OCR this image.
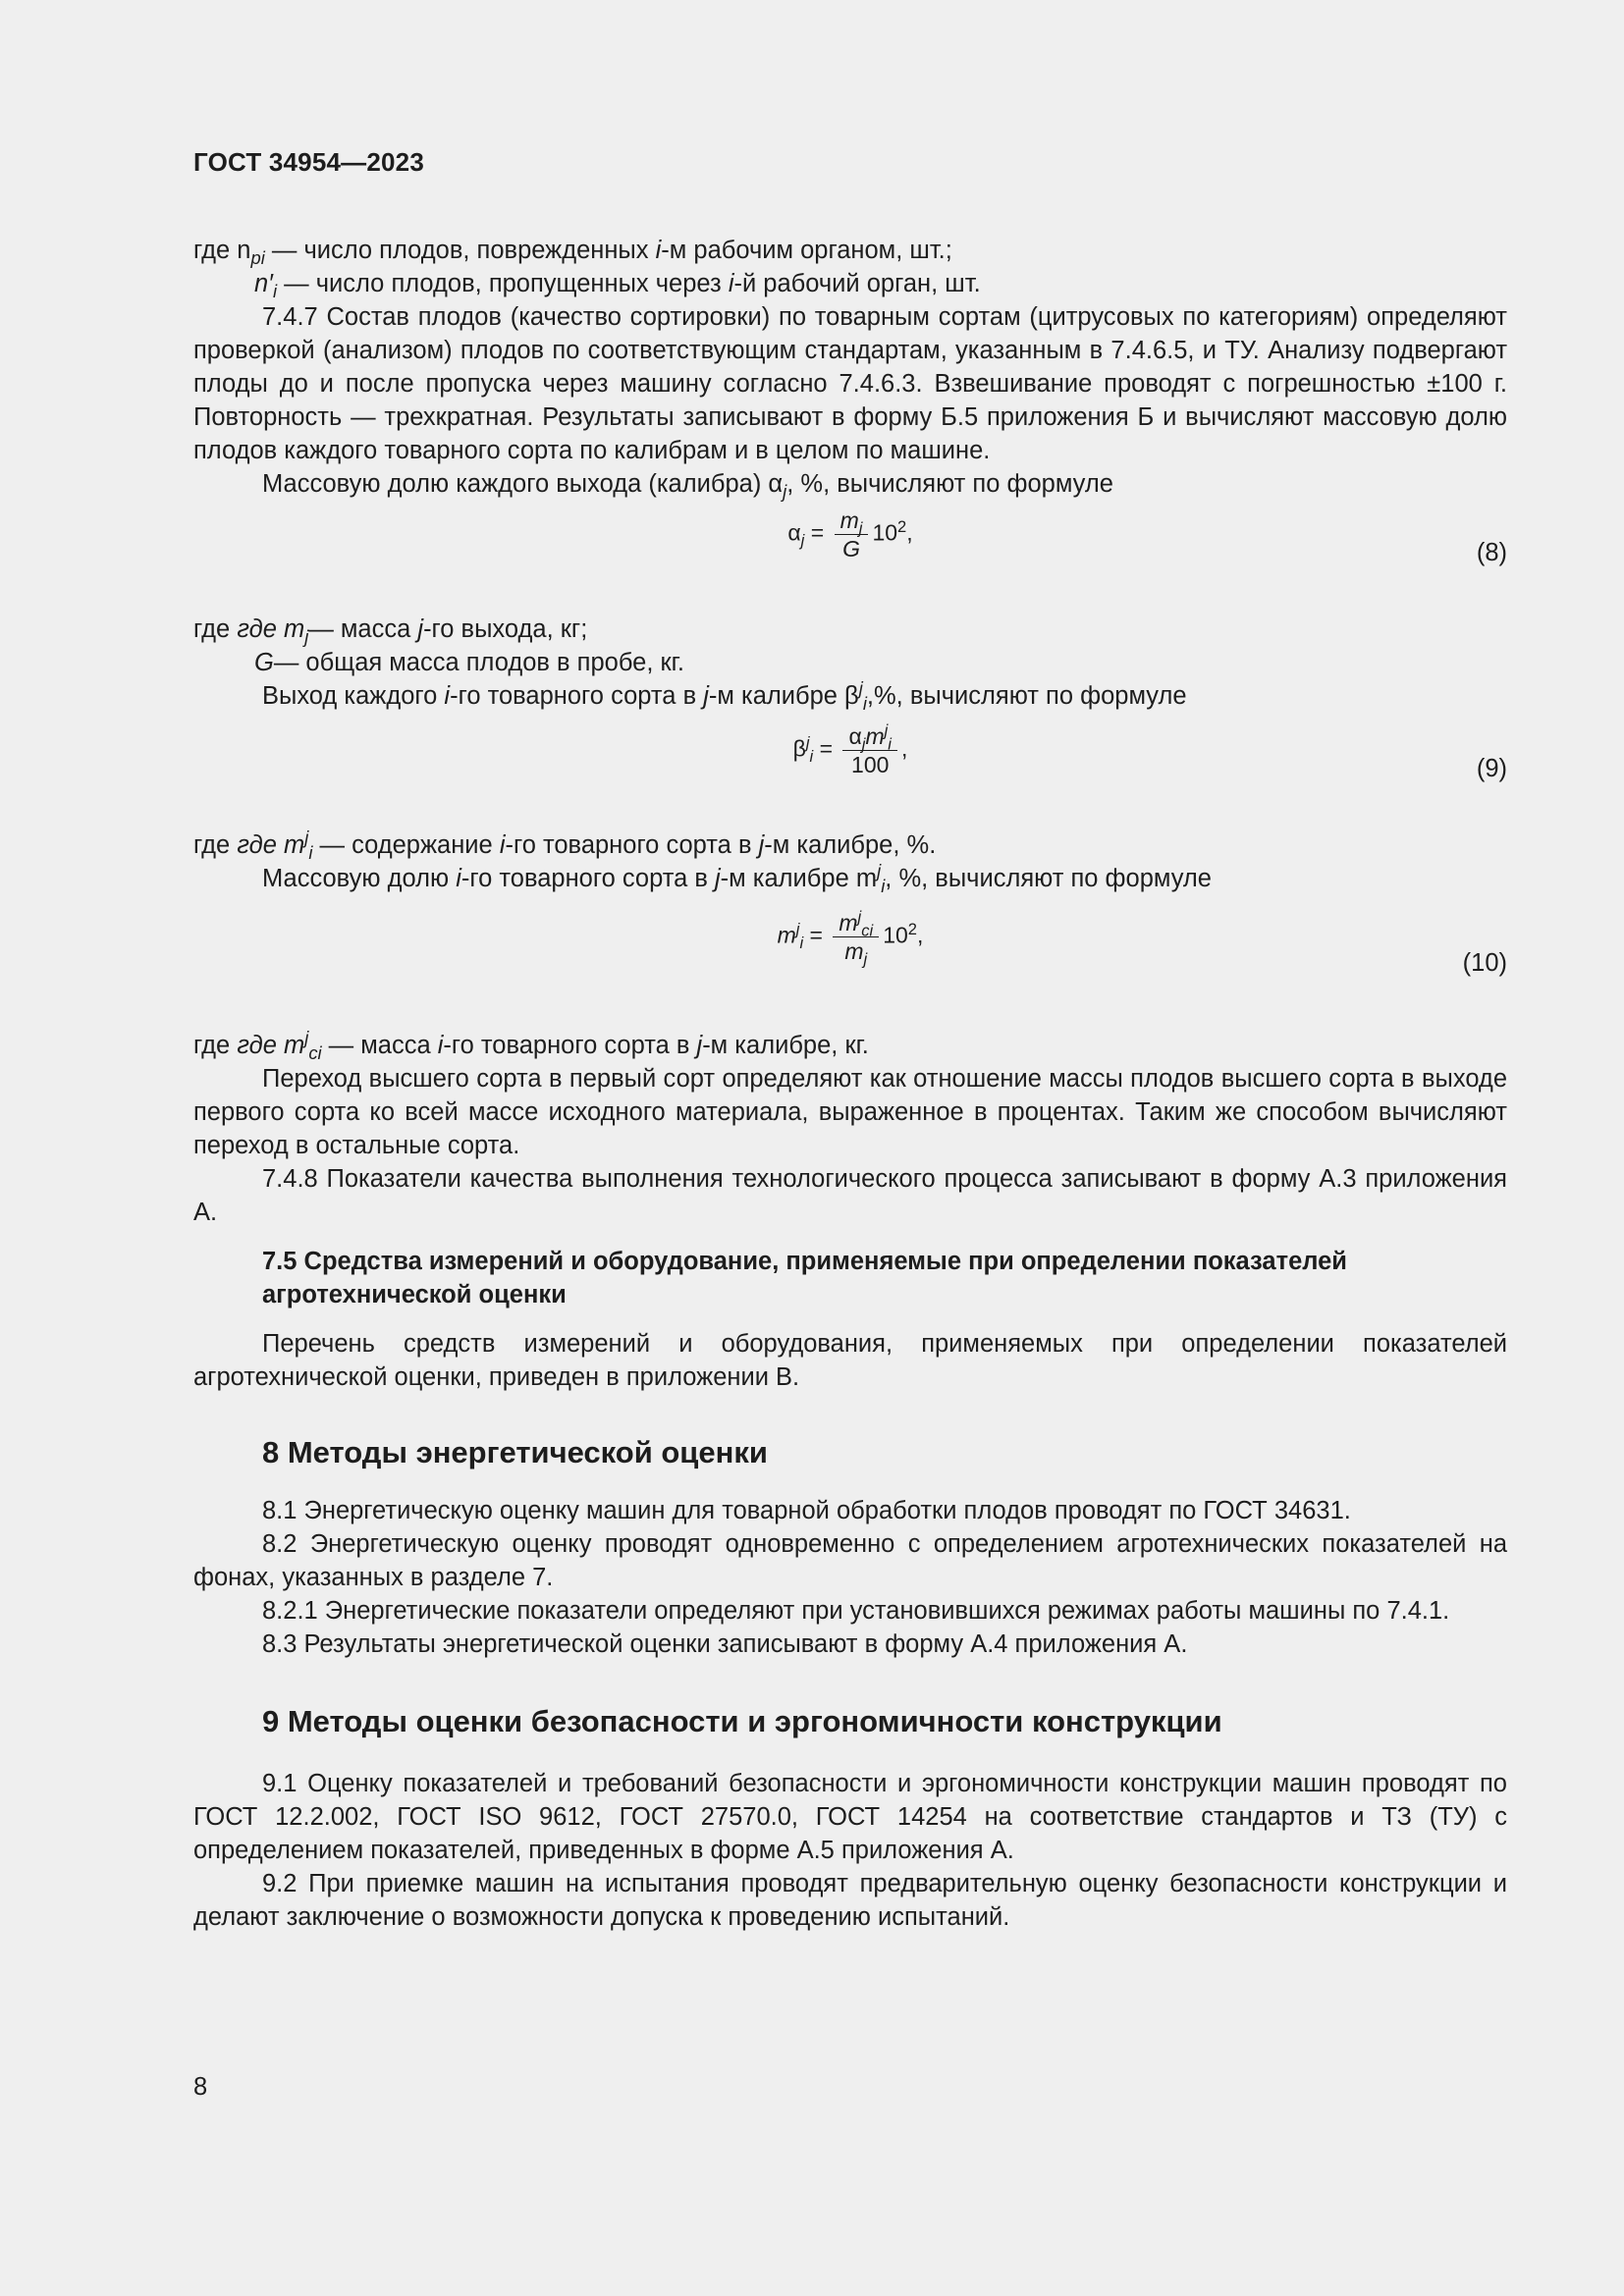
ГОСТ 34954—2023

где $n_{pi}$ — число плодов, поврежденных i-м рабочим органом, шт.;

$n'_i$ — число плодов, пропущенных через i-й рабочий орган, шт.

7.4.7 Состав плодов (качество сортировки) по товарным сортам (цитрусовых по категориям) определяют проверкой (анализом) плодов по соответствующим стандартам, указанным в 7.4.6.5, и ТУ. Анализу подвергают плоды до и после пропуска через машину согласно 7.4.6.3. Взвешивание проводят с погрешностью ±100 г. Повторность — трехкратная. Результаты записывают в форму Б.5 приложения Б и вычисляют массовую долю плодов каждого товарного сорта по калибрам и в целом по машине.

Массовую долю каждого выхода (калибра) $\alpha_j$, %, вычисляют по формуле

$\alpha_j = \frac{m_j}{G} 10^2$,
(8)

где где $m_j$ — масса j-го выхода, кг;

G — общая масса плодов в пробе, кг.

Выход каждого i-го товарного сорта в j-м калибре $\beta^j_i,\%$, вычисляют по формуле

$\beta^j_i = \frac{\alpha_jm^j_i}{100}$ ,
(9)

где где $m^j_i$ — содержание i-го товарного сорта в j-м калибре, %.

Массовую долю i-го товарного сорта в j-м калибре $m^j_i$, %, вычисляют по формуле

$m^j_i = \frac{m^j_{ci}}{m_j} 10^2$,
(10)

где где $m^j_{ci}$ — масса i-го товарного сорта в j-м калибре, кг.

Переход высшего сорта в первый сорт определяют как отношение массы плодов высшего сорта в выходе первого сорта ко всей массе исходного материала, выраженное в процентах. Таким же способом вычисляют переход в остальные сорта.

7.4.8 Показатели качества выполнения технологического процесса записывают в форму А.3 приложения А.

7.5 Средства измерений и оборудование, применяемые при определении показателей агротехнической оценки

Перечень средств измерений и оборудования, применяемых при определении показателей агротехнической оценки, приведен в приложении В.

8 Методы энергетической оценки

8.1 Энергетическую оценку машин для товарной обработки плодов проводят по ГОСТ 34631.

8.2 Энергетическую оценку проводят одновременно с определением агротехнических показателей на фонах, указанных в разделе 7.

8.2.1 Энергетические показатели определяют при установившихся режимах работы машины по 7.4.1.

8.3 Результаты энергетической оценки записывают в форму А.4 приложения А.

9 Методы оценки безопасности и эргономичности конструкции

9.1 Оценку показателей и требований безопасности и эргономичности конструкции машин проводят по ГОСТ 12.2.002, ГОСТ ISO 9612, ГОСТ 27570.0, ГОСТ 14254 на соответствие стандартов и ТЗ (ТУ) с определением показателей, приведенных в форме А.5 приложения А.

9.2 При приемке машин на испытания проводят предварительную оценку безопасности конструкции и делают заключение о возможности допуска к проведению испытаний.

8
